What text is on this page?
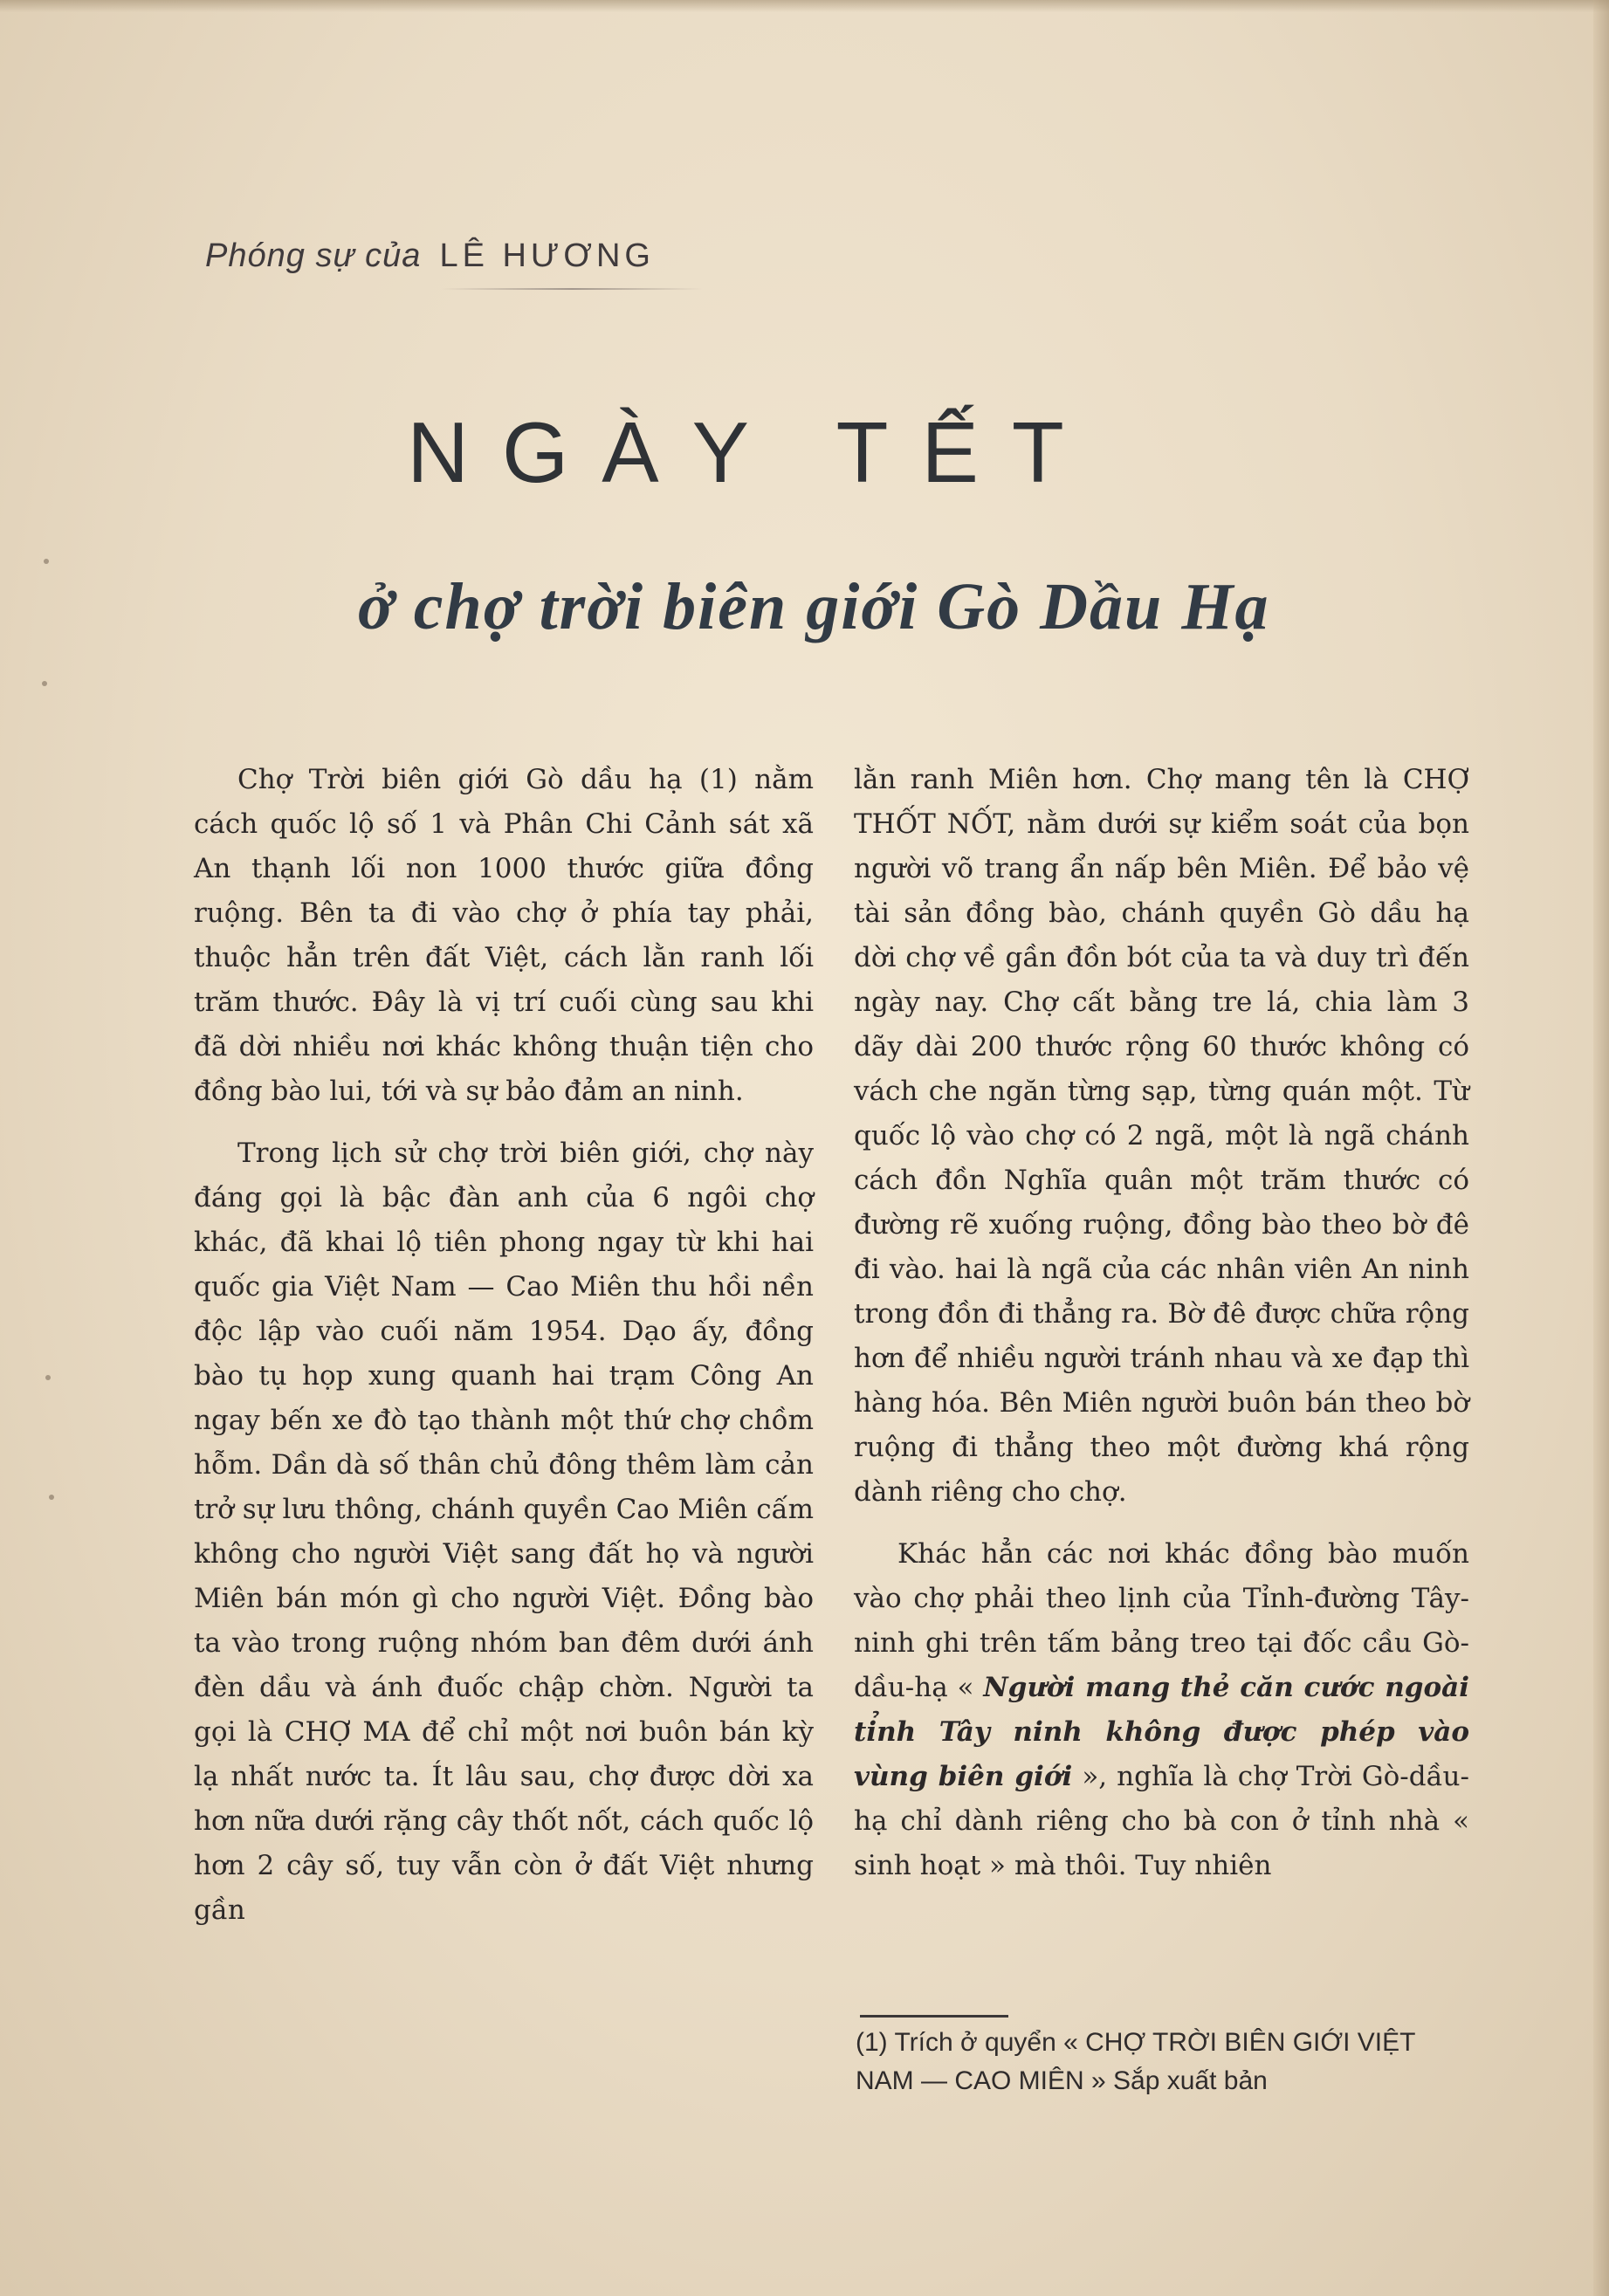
Phóng sự của LÊ HƯƠNG
NGÀY TẾT
ở chợ trời biên giới Gò Dầu Hạ

Chợ Trời biên giới Gò dầu hạ (1) nằm cách quốc lộ số 1 và Phân Chi Cảnh sát xã An thạnh lối non 1000 thước giữa đồng ruộng. Bên ta đi vào chợ ở phía tay phải, thuộc hẳn trên đất Việt, cách lằn ranh lối trăm thước. Đây là vị trí cuối cùng sau khi đã dời nhiều nơi khác không thuận tiện cho đồng bào lui, tới và sự bảo đảm an ninh.

Trong lịch sử chợ trời biên giới, chợ này đáng gọi là bậc đàn anh của 6 ngôi chợ khác, đã khai lộ tiên phong ngay từ khi hai quốc gia Việt Nam — Cao Miên thu hồi nền độc lập vào cuối năm 1954. Dạo ấy, đồng bào tụ họp xung quanh hai trạm Công An ngay bến xe đò tạo thành một thứ chợ chồm hỗm. Dần dà số thân chủ đông thêm làm cản trở sự lưu thông, chánh quyền Cao Miên cấm không cho người Việt sang đất họ và người Miên bán món gì cho người Việt. Đồng bào ta vào trong ruộng nhóm ban đêm dưới ánh đèn dầu và ánh đuốc chập chờn. Người ta gọi là CHỢ MA để chỉ một nơi buôn bán kỳ lạ nhất nước ta. Ít lâu sau, chợ được dời xa hơn nữa dưới rặng cây thốt nốt, cách quốc lộ hơn 2 cây số, tuy vẫn còn ở đất Việt nhưng gần

lằn ranh Miên hơn. Chợ mang tên là CHỢ THỐT NỐT, nằm dưới sự kiểm soát của bọn người võ trang ẩn nấp bên Miên. Để bảo vệ tài sản đồng bào, chánh quyền Gò dầu hạ dời chợ về gần đồn bót của ta và duy trì đến ngày nay. Chợ cất bằng tre lá, chia làm 3 dãy dài 200 thước rộng 60 thước không có vách che ngăn từng sạp, từng quán một. Từ quốc lộ vào chợ có 2 ngã, một là ngã chánh cách đồn Nghĩa quân một trăm thước có đường rẽ xuống ruộng, đồng bào theo bờ đê đi vào. hai là ngã của các nhân viên An ninh trong đồn đi thẳng ra. Bờ đê được chữa rộng hơn để nhiều người tránh nhau và xe đạp thì hàng hóa. Bên Miên người buôn bán theo bờ ruộng đi thẳng theo một đường khá rộng dành riêng cho chợ.

Khác hẳn các nơi khác đồng bào muốn vào chợ phải theo lịnh của Tỉnh-đường Tây-ninh ghi trên tấm bảng treo tại đốc cầu Gò-dầu-hạ « Người mang thẻ căn cước ngoài tỉnh Tây ninh không được phép vào vùng biên giới », nghĩa là chợ Trời Gò-dầu-hạ chỉ dành riêng cho bà con ở tỉnh nhà « sinh hoạt » mà thôi. Tuy nhiên

(1) Trích ở quyển « CHỢ TRỜI BIÊN GIỚI VIỆT NAM — CAO MIÊN » Sắp xuất bản
